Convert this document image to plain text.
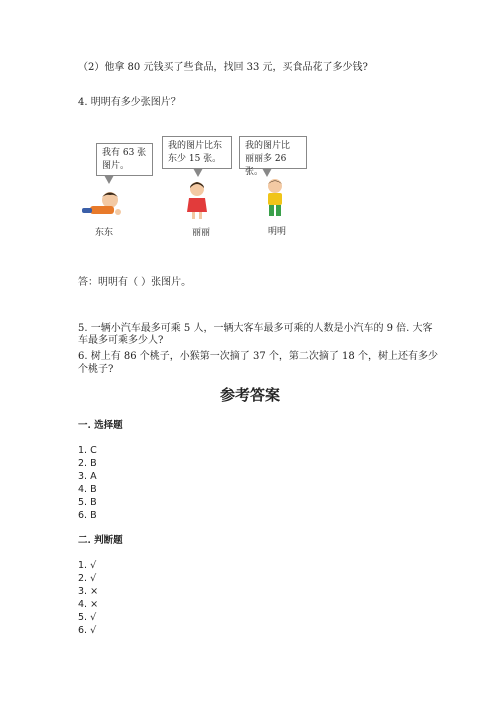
（2）他拿 80 元钱买了些食品，找回 33 元，买食品花了多少钱?
4. 明明有多少张图片？
我有 63 张
图片。
我的图片比东
东少 15 张。
我的图片比
丽丽多 26 张。
东东	丽丽	明明
答：明明有（ ）张图片。
5. 一辆小汽车最多可乘 5 人，一辆大客车最多可乘的人数是小汽车的 9 倍. 大客
车最多可乘多少人?
6. 树上有 86 个桃子，小猴第一次摘了 37 个，第二次摘了 18 个，树上还有多少
个桃子?
参考答案
一. 选择题
1. C
2. B
3. A
4. B
5. B
6. B
二. 判断题
1. √
2. √
3. ×
4. ×
5. √
6. √
